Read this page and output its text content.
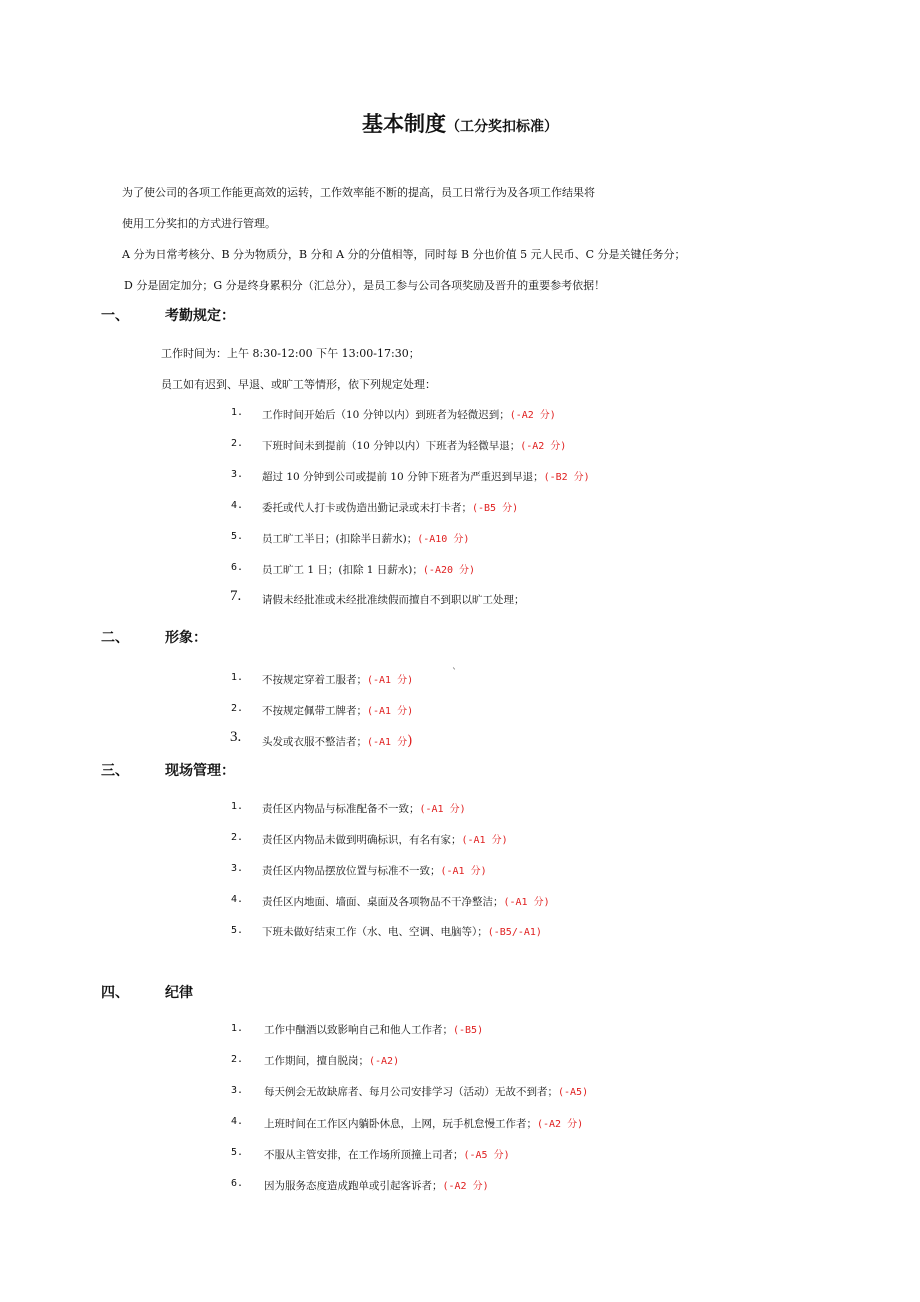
基本制度（工分奖扣标准）
为了使公司的各项工作能更高效的运转，工作效率能不断的提高，员工日常行为及各项工作结果将
使用工分奖扣的方式进行管理。
A 分为日常考核分、B 分为物质分，B 分和 A 分的分值相等，同时每 B 分也价值 5 元人民币、C 分是关键任务分；
D 分是固定加分；G 分是终身累积分（汇总分），是员工参与公司各项奖励及晋升的重要参考依据！
一、	考勤规定：
工作时间为：上午 8:30-12:00 下午 13:00-17:30；
员工如有迟到、早退、或旷工等情形，依下列规定处理：
1. 工作时间开始后（10 分钟以内）到班者为轻微迟到；(-A2 分)
2. 下班时间未到提前（10 分钟以内）下班者为轻微早退；(-A2 分)
3. 超过 10 分钟到公司或提前 10 分钟下班者为严重迟到早退；(-B2 分)
4. 委托或代人打卡或伪造出勤记录或未打卡者；(-B5 分)
5. 员工旷工半日；(扣除半日薪水)；(-A10 分)
6. 员工旷工 1 日；(扣除 1 日薪水)；(-A20 分)
7. 请假未经批准或未经批准续假而擅自不到职以旷工处理；
二、	形象：
1. 不按规定穿着工服者；(-A1 分)
ˋ
2. 不按规定佩带工牌者；(-A1 分)
3. 头发或衣服不整洁者；(-A1 分)
三、	现场管理：
1. 责任区内物品与标准配备不一致；(-A1 分)
2. 责任区内物品未做到明确标识，有名有家；(-A1 分)
3. 责任区内物品摆放位置与标准不一致；(-A1 分)
4. 责任区内地面、墙面、桌面及各项物品不干净整洁；(-A1 分)
5. 下班未做好结束工作（水、电、空调、电脑等）；(-B5/-A1)
四、	纪律
1. 工作中酗酒以致影响自己和他人工作者；(-B5)
2. 工作期间，擅自脱岗；(-A2)
3. 每天例会无故缺席者、每月公司安排学习（活动）无故不到者；(-A5)
4. 上班时间在工作区内躺卧休息，上网，玩手机怠慢工作者；(-A2 分)
5. 不服从主管安排，在工作场所顶撞上司者；(-A5 分)
6. 因为服务态度造成跑单或引起客诉者；(-A2 分)
